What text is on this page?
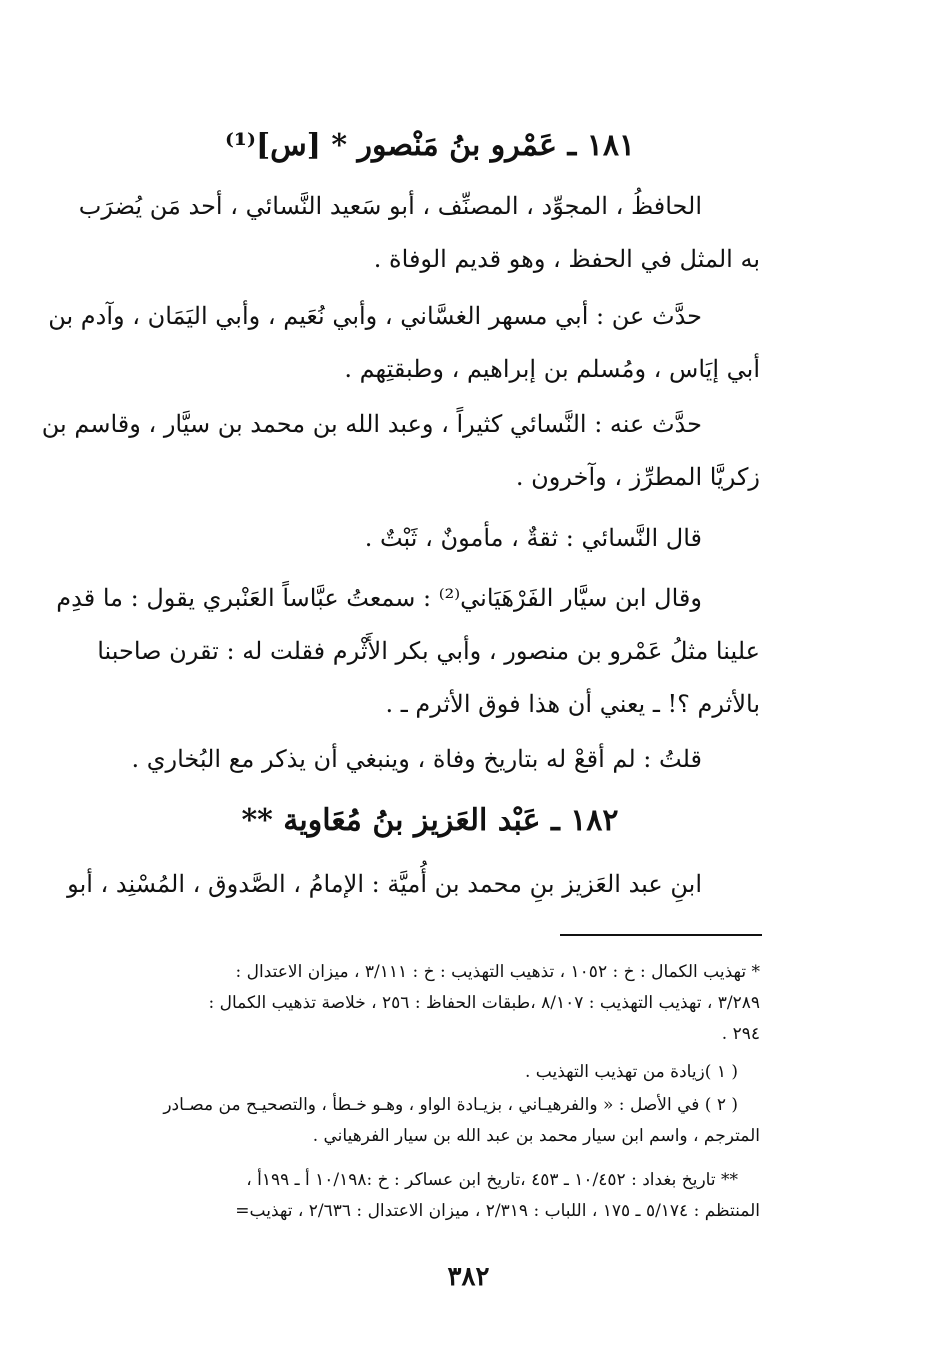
١٨١ ـ عَمْرو بنُ مَنْصور * [س]⁽¹⁾
الحافظُ ، المجوِّد ، المصنِّف ، أبو سَعيد النَّسائي ، أحد مَن يُضرَب
به المثل في الحفظ ، وهو قديم الوفاة .
حدَّث عن : أبي مسهر الغسَّاني ، وأبي نُعَيم ، وأبي اليَمَان ، وآدم بن
أبي إيَاس ، ومُسلم بن إبراهيم ، وطبقتِهم .
حدَّث عنه : النَّسائي كثيراً ، وعبد الله بن محمد بن سيَّار ، وقاسم بن
زكريَّا المطرِّز ، وآخرون .
قال النَّسائي : ثقةٌ ، مأمونٌ ، ثَبْتٌ .
وقال ابن سيَّار الفَرْهَيَاني⁽²⁾ : سمعتُ عبَّاساً العَنْبري يقول : ما قدِم
علينا مثلُ عَمْرو بن منصور ، وأبي بكر الأَثْرم فقلت له : تقرن صاحبنا
بالأثرم ؟! ـ يعني أن هذا فوق الأثرم ـ .
قلتُ : لم أقعْ له بتاريخ وفاة ، وينبغي أن يذكر مع البُخاري .
١٨٢ ـ عَبْد العَزيز بنُ مُعَاوية **
ابنِ عبد العَزيز بنِ محمد بن أُميَّة : الإمامُ ، الصَّدوق ، المُسْنِد ، أبو
* تهذيب الكمال : خ : ١٠٥٢ ، تذهيب التهذيب : خ : ٣/١١١ ، ميزان الاعتدال :
٣/٢٨٩ ، تهذيب التهذيب : ٨/١٠٧ ،طبقات الحفاظ : ٢٥٦ ، خلاصة تذهيب الكمال :
٢٩٤ .
( ١ )زيادة من تهذيب التهذيب .
( ٢ ) في الأصل : « والفرهيـاني ، بزيـادة الواو ، وهـو خـطأ ، والتصحيـح من مصـادر
المترجم ، واسم ابن سيار محمد بن عبد الله بن سيار الفرهياني .
** تاريخ بغداد : ١٠/٤٥٢ ـ ٤٥٣ ،تاريخ ابن عساكر : خ :١٠/١٩٨ أ ـ ١٩٩أ ،
المنتظم : ٥/١٧٤ ـ ١٧٥ ، اللباب : ٢/٣١٩ ، ميزان الاعتدال : ٢/٦٣٦ ، تهذيب=
٣٨٢
